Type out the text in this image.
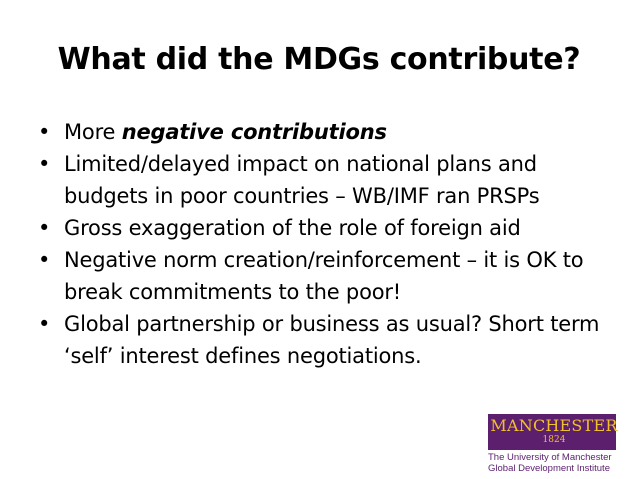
What did the MDGs contribute?
• More negative contributions
• Limited/delayed impact on national plans and budgets in poor countries – WB/IMF ran PRSPs
• Gross exaggeration of the role of foreign aid
• Negative norm creation/reinforcement – it is OK to break commitments to the poor!
• Global partnership or business as usual? Short term ‘self’ interest defines negotiations.
MANCHESTER
1824
The University of Manchester
Global Development Institute
